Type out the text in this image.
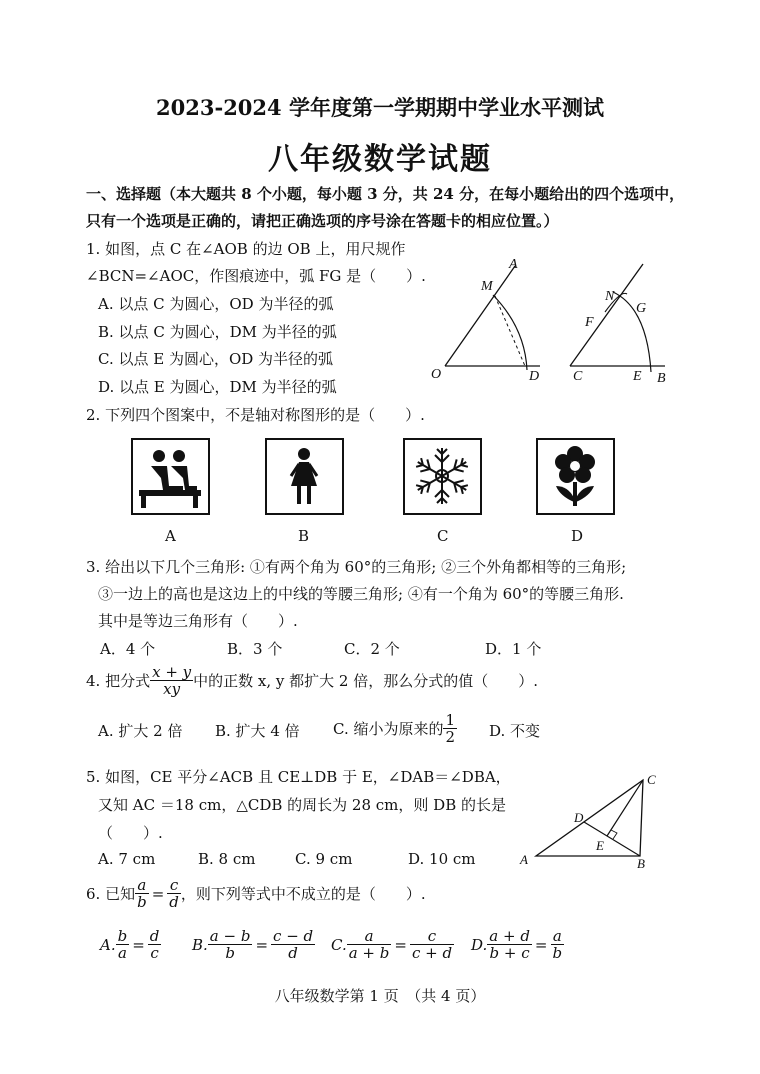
2023-2024 学年度第一学期期中学业水平测试
八年级数学试题
一、选择题（本大题共 8 个小题，每小题 3 分，共 24 分，在每小题给出的四个选项中，
只有一个选项是正确的，请把正确选项的序号涂在答题卡的相应位置。）
1. 如图，点 C 在∠AOB 的边 OB 上，用尺规作
∠BCN=∠AOC，作图痕迹中，弧 FG 是（　　）.
A. 以点 C 为圆心，OD 为半径的弧
B. 以点 C 为圆心，DM 为半径的弧
C. 以点 E 为圆心，OD 为半径的弧
D. 以点 E 为圆心，DM 为半径的弧
A
M
O	D
N
G
F
C	E B
2. 下列四个图案中，不是轴对称图形的是（　　）.
A	B	C	D
3. 给出以下几个三角形: ①有两个角为 60°的三角形; ②三个外角都相等的三角形;
③一边上的高也是这边上的中线的等腰三角形; ④有一个角为 60°的等腰三角形.
其中是等边三角形有（　　）.
A．4 个	B．3 个	C．2 个	D．1 个
4. 把分式 $\frac{x + y}{xy}$ 中的正数 x, y 都扩大 2 倍，那么分式的值（　　）.
A. 扩大 2 倍 B. 扩大 4 倍 C. 缩小为原来的 $\frac{1}{2} D$. 不变
5. 如图，CE 平分∠ACB 且 CE⊥DB 于 E，∠DAB＝∠DBA，
又知 AC ＝18 cm，△CDB 的周长为 28 cm，则 DB 的长是
（　　）.
A. 7 cm	B. 8 cm	C. 9 cm	D. 10 cm
C
D
E
A	B
6. 已知 $\frac{a}{b} = \frac{c}{d}$ ，则下列等式中不成立的是（　　）.
A. $\frac{b}{a} = \frac{d}{c} B$. $\frac{a - b}{b} = \frac{c - d}{d} C$. $\frac{a}{a + b} = \frac{c}{c + d} D$. $\frac{a + d}{b + c} = \frac{a}{b}$
八年级数学第 1 页　（共 4 页）
